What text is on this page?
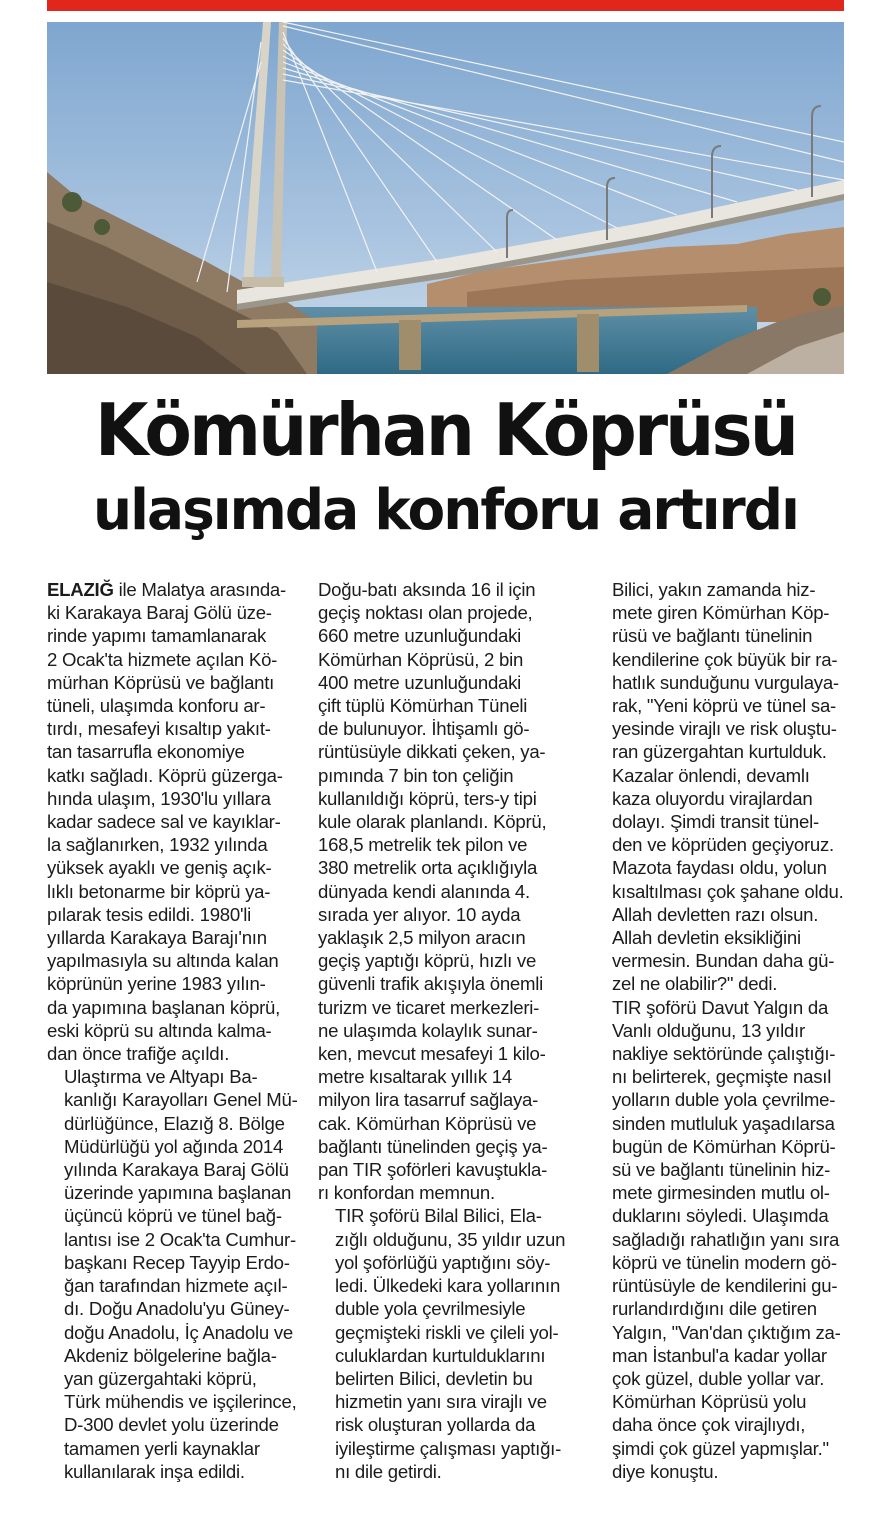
Kömürhan Köprüsü
ulaşımda konforu artırdı

ELAZIĞ ile Malatya arasında-
ki Karakaya Baraj Gölü üze-
rinde yapımı tamamlanarak
2 Ocak'ta hizmete açılan Kö-
mürhan Köprüsü ve bağlantı
tüneli, ulaşımda konforu ar-
tırdı, mesafeyi kısaltıp yakıt-
tan tasarrufla ekonomiye
katkı sağladı. Köprü güzerga-
hında ulaşım, 1930'lu yıllara
kadar sadece sal ve kayıklar-
la sağlanırken, 1932 yılında
yüksek ayaklı ve geniş açık-
lıklı betonarme bir köprü ya-
pılarak tesis edildi. 1980'li
yıllarda Karakaya Barajı'nın
yapılmasıyla su altında kalan
köprünün yerine 1983 yılın-
da yapımına başlanan köprü,
eski köprü su altında kalma-
dan önce trafiğe açıldı.

Ulaştırma ve Altyapı Ba-
kanlığı Karayolları Genel Mü-
dürlüğünce, Elazığ 8. Bölge
Müdürlüğü yol ağında 2014
yılında Karakaya Baraj Gölü
üzerinde yapımına başlanan
üçüncü köprü ve tünel bağ-
lantısı ise 2 Ocak'ta Cumhur-
başkanı Recep Tayyip Erdo-
ğan tarafından hizmete açıl-
dı. Doğu Anadolu'yu Güney-
doğu Anadolu, İç Anadolu ve
Akdeniz bölgelerine bağla-
yan güzergahtaki köprü,
Türk mühendis ve işçilerince,
D-300 devlet yolu üzerinde
tamamen yerli kaynaklar
kullanılarak inşa edildi.

Doğu-batı aksında 16 il için
geçiş noktası olan projede,
660 metre uzunluğundaki
Kömürhan Köprüsü, 2 bin
400 metre uzunluğundaki
çift tüplü Kömürhan Tüneli
de bulunuyor. İhtişamlı gö-
rüntüsüyle dikkati çeken, ya-
pımında 7 bin ton çeliğin
kullanıldığı köprü, ters-y tipi
kule olarak planlandı. Köprü,
168,5 metrelik tek pilon ve
380 metrelik orta açıklığıyla
dünyada kendi alanında 4.
sırada yer alıyor. 10 ayda
yaklaşık 2,5 milyon aracın
geçiş yaptığı köprü, hızlı ve
güvenli trafik akışıyla önemli
turizm ve ticaret merkezleri-
ne ulaşımda kolaylık sunar-
ken, mevcut mesafeyi 1 kilo-
metre kısaltarak yıllık 14
milyon lira tasarruf sağlaya-
cak. Kömürhan Köprüsü ve
bağlantı tünelinden geçiş ya-
pan TIR şoförleri kavuştukla-
rı konfordan memnun.

TIR şoförü Bilal Bilici, Ela-
zığlı olduğunu, 35 yıldır uzun
yol şoförlüğü yaptığını söy-
ledi. Ülkedeki kara yollarının
duble yola çevrilmesiyle
geçmişteki riskli ve çileli yol-
culuklardan kurtulduklarını
belirten Bilici, devletin bu
hizmetin yanı sıra virajlı ve
risk oluşturan yollarda da
iyileştirme çalışması yaptığı-
nı dile getirdi.

Bilici, yakın zamanda hiz-
mete giren Kömürhan Köp-
rüsü ve bağlantı tünelinin
kendilerine çok büyük bir ra-
hatlık sunduğunu vurgulaya-
rak, "Yeni köprü ve tünel sa-
yesinde virajlı ve risk oluştu-
ran güzergahtan kurtulduk.
Kazalar önlendi, devamlı
kaza oluyordu virajlardan
dolayı. Şimdi transit tünel-
den ve köprüden geçiyoruz.
Mazota faydası oldu, yolun
kısaltılması çok şahane oldu.
Allah devletten razı olsun.
Allah devletin eksikliğini
vermesin. Bundan daha gü-
zel ne olabilir?" dedi.

TIR şoförü Davut Yalgın da
Vanlı olduğunu, 13 yıldır
nakliye sektöründe çalıştığı-
nı belirterek, geçmişte nasıl
yolların duble yola çevrilme-
sinden mutluluk yaşadılarsa
bugün de Kömürhan Köprü-
sü ve bağlantı tünelinin hiz-
mete girmesinden mutlu ol-
duklarını söyledi. Ulaşımda
sağladığı rahatlığın yanı sıra
köprü ve tünelin modern gö-
rüntüsüyle de kendilerini gu-
rurlandırdığını dile getiren
Yalgın, "Van'dan çıktığım za-
man İstanbul'a kadar yollar
çok güzel, duble yollar var.
Kömürhan Köprüsü yolu
daha önce çok virajlıydı,
şimdi çok güzel yapmışlar."
diye konuştu.
